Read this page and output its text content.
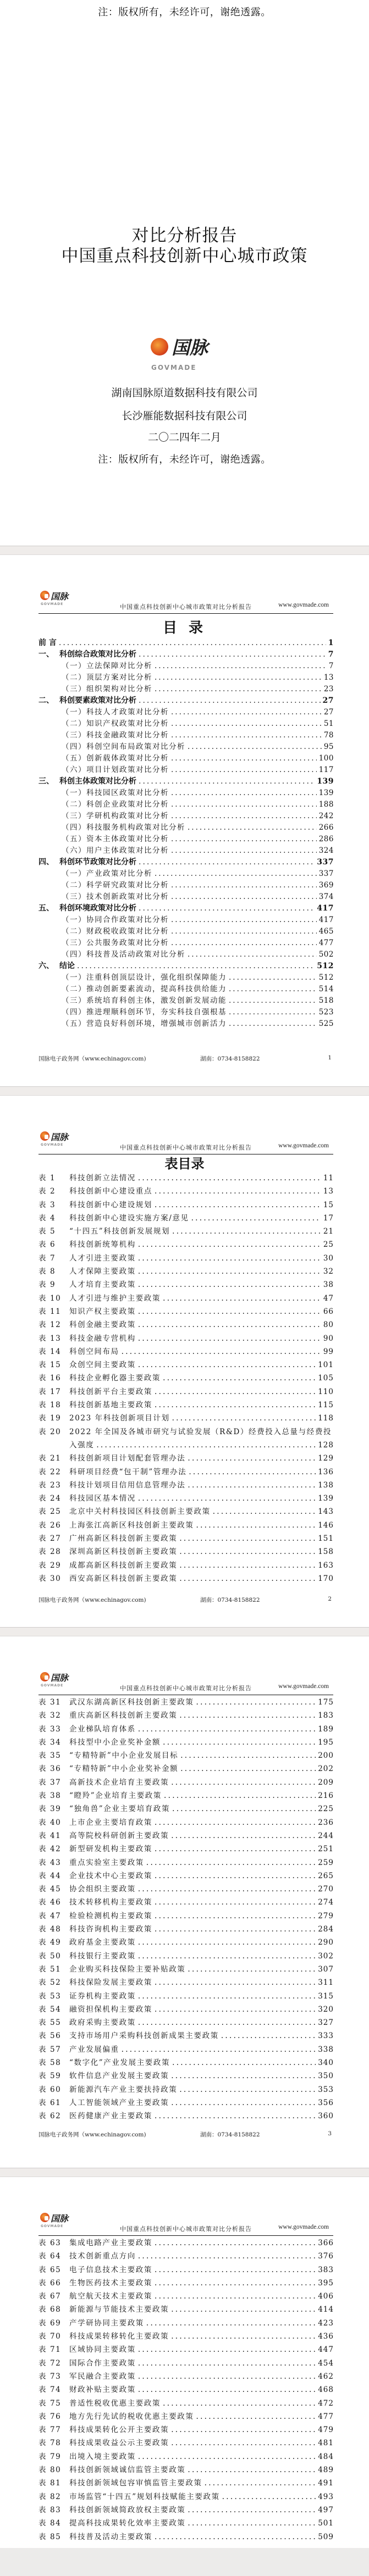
注：版权所有，未经许可，谢绝透露。
中国重点科技创新中心城市政策
对比分析报告
国脉
GOVMADE
湖南国脉原道数据科技有限公司
长沙雁能数据科技有限公司
二〇二四年二月
注：版权所有，未经许可，谢绝透露。
国脉
GOVMADE	中国重点科技创新中心城市政策对比分析报告	www.govmade.com
目 录
前 言 .....	1
一、 科创综合政策对比分析 .....	7
（一）立法保障对比分析 .....	7
（二）顶层方案对比分析 .....	13
（三）组织架构对比分析 .....	23
二、 科创要素政策对比分析 .....	27
（一）科技人才政策对比分析 .....	27
（二）知识产权政策对比分析 .....	51
（三）科技金融政策对比分析 .....	78
（四）科创空间布局政策对比分析 .....	95
（五）创新载体政策对比分析 .....	100
（六）项目计划政策对比分析 .....	117
三、 科创主体政策对比分析 .....	139
（一）科技园区政策对比分析 .....	139
（二）科创企业政策对比分析 .....	188
（三）学研机构政策对比分析 .....	242
（四）科技服务机构政策对比分析 .....	266
（五）资本主体政策对比分析 .....	286
（六）用户主体政策对比分析 .....	324
四、 科创环节政策对比分析 .....	337
（一）产业政策对比分析 .....	337
（二）科学研究政策对比分析 .....	369
（三）技术创新政策对比分析 .....	374
五、 科创环境政策对比分析 .....	417
（一）协同合作政策对比分析 .....	417
（二）财政税收政策对比分析 .....	465
（三）公共服务政策对比分析 .....	477
（四）科技普及活动政策对比分析 .....	502
六、 结论 .....	512
（一）注重科创顶层设计，强化组织保障能力 .....	512
（二）推动创新要素流动，提高科技供给能力 .....	514
（三）系统培育科创主体，激发创新发展动能 .....	518
（四）推进理顺科创环节，夯实科技自强根基 .....	523
（五）营造良好科创环境，增强城市创新活力 .....	525
国脉电子政务网（www.echinagov.com)	湖南：0734-8158822	1
国脉
GOVMADE	中国重点科技创新中心城市政策对比分析报告	www.govmade.com
表目录
表 1	科技创新立法情况 .....	11
表 2	科技创新中心建设重点 .....	13
表 3	科技创新中心建设规划 .....	15
表 4	科技创新中心建设实施方案/意见 .....	17
表 5	“十四五”科技创新发展规划 .....	21
表 6	科技创新统筹机构 .....	25
表 7	人才引进主要政策 .....	30
表 8	人才保障主要政策 .....	32
表 9	人才培育主要政策 .....	38
表 10	人才引进与维护主要政策 .....	47
表 11	知识产权主要政策 .....	66
表 12	科创金融主要政策 .....	80
表 13	科技金融专营机构 .....	90
表 14	科创空间布局 .....	99
表 15	众创空间主要政策 .....	101
表 16	科技企业孵化器主要政策 .....	105
表 17	科技创新平台主要政策 .....	110
表 18	科技创新基地主要政策 .....	115
表 19	2023 年科技创新项目计划 .....	118
表 20	2022 年全国及各城市研究与试验发展（R&D）经费投入总量与经费投
入强度 .....	128
表 21	科技创新项目计划配套管理办法 .....	129
表 22	科研项目经费“包干制”管理办法 .....	136
表 23	科技计划项目信用信息管理办法 .....	138
表 24	科技园区基本情况 .....	139
表 25	北京中关村科技园区科技创新主要政策 .....	143
表 26	上海张江高新区科技创新主要政策 .....	146
表 27	广州高新区科技创新主要政策 .....	151
表 28	深圳高新区科技创新主要政策 .....	158
表 29	成都高新区科技创新主要政策 .....	163
表 30	西安高新区科技创新主要政策 .....	170
国脉电子政务网（www.echinagov.com)	湖南：0734-8158822	2
国脉
GOVMADE	中国重点科技创新中心城市政策对比分析报告	www.govmade.com
表 31	武汉东湖高新区科技创新主要政策 .....	175
表 32	重庆高新区科技创新主要政策 .....	183
表 33	企业梯队培育体系 .....	189
表 34	科技型中小企业奖补金额 .....	195
表 35	“专精特新”中小企业发展目标 .....	200
表 36	“专精特新”中小企业奖补金额 .....	202
表 37	高新技术企业培育主要政策 .....	209
表 38	“瞪羚”企业培育主要政策 .....	216
表 39	“独角兽”企业主要培育政策 .....	225
表 40	上市企业主要培育政策 .....	236
表 41	高等院校科研创新主要政策 .....	244
表 42	新型研发机构主要政策 .....	251
表 43	重点实验室主要政策 .....	259
表 44	企业技术中心主要政策 .....	265
表 45	协会组织主要政策 .....	270
表 46	技术转移机构主要政策 .....	274
表 47	检验检测机构主要政策 .....	279
表 48	科技咨询机构主要政策 .....	284
表 49	政府基金主要政策 .....	290
表 50	科技银行主要政策 .....	302
表 51	企业购买科技保险主要补贴政策 .....	307
表 52	科技保险发展主要政策 .....	311
表 53	证券机构主要政策 .....	315
表 54	融资担保机构主要政策 .....	320
表 55	政府采购主要政策 .....	327
表 56	支持市场用户采购科技创新成果主要政策 .....	333
表 57	产业发展偏重 .....	338
表 58	“数字化”产业发展主要政策 .....	340
表 59	软件信息产业发展主要政策 .....	350
表 60	新能源汽车产业主要扶持政策 .....	353
表 61	人工智能领域产业主要政策 .....	356
表 62	医药健康产业主要政策 .....	360
国脉电子政务网（www.echinagov.com)	湖南：0734-8158822	3
国脉
GOVMADE	中国重点科技创新中心城市政策对比分析报告	www.govmade.com
表 63	集成电路产业主要政策 .....	366
表 64	技术创新重点方向 .....	376
表 65	电子信息技术主要政策 .....	383
表 66	生物医药技术主要政策 .....	395
表 67	航空航天技术主要政策 .....	406
表 68	新能源与节能技术主要政策 .....	414
表 69	产学研协同主要政策 .....	423
表 70	科技成果转移转化主要政策 .....	436
表 71	区域协同主要政策 .....	447
表 72	国际合作主要政策 .....	454
表 73	军民融合主要政策 .....	462
表 74	财政补贴主要政策 .....	468
表 75	普适性税收优惠主要政策 .....	472
表 76	地方先行先试的税收优惠主要政策 .....	477
表 77	科技成果转化公开主要政策 .....	479
表 78	科技成果收益公示主要政策 .....	481
表 79	出境入境主要政策 .....	484
表 80	科技创新领域诚信监管主要政策 .....	489
表 81	科技创新领域包容审慎监管主要政策 .....	491
表 82	市场监管“十四五”规划科技赋能主要政策 .....	493
表 83	科技创新领域简政放权主要政策 .....	497
表 84	提高科技成果转化效率主要政策 .....	501
表 85	科技普及活动主要政策 .....	509
